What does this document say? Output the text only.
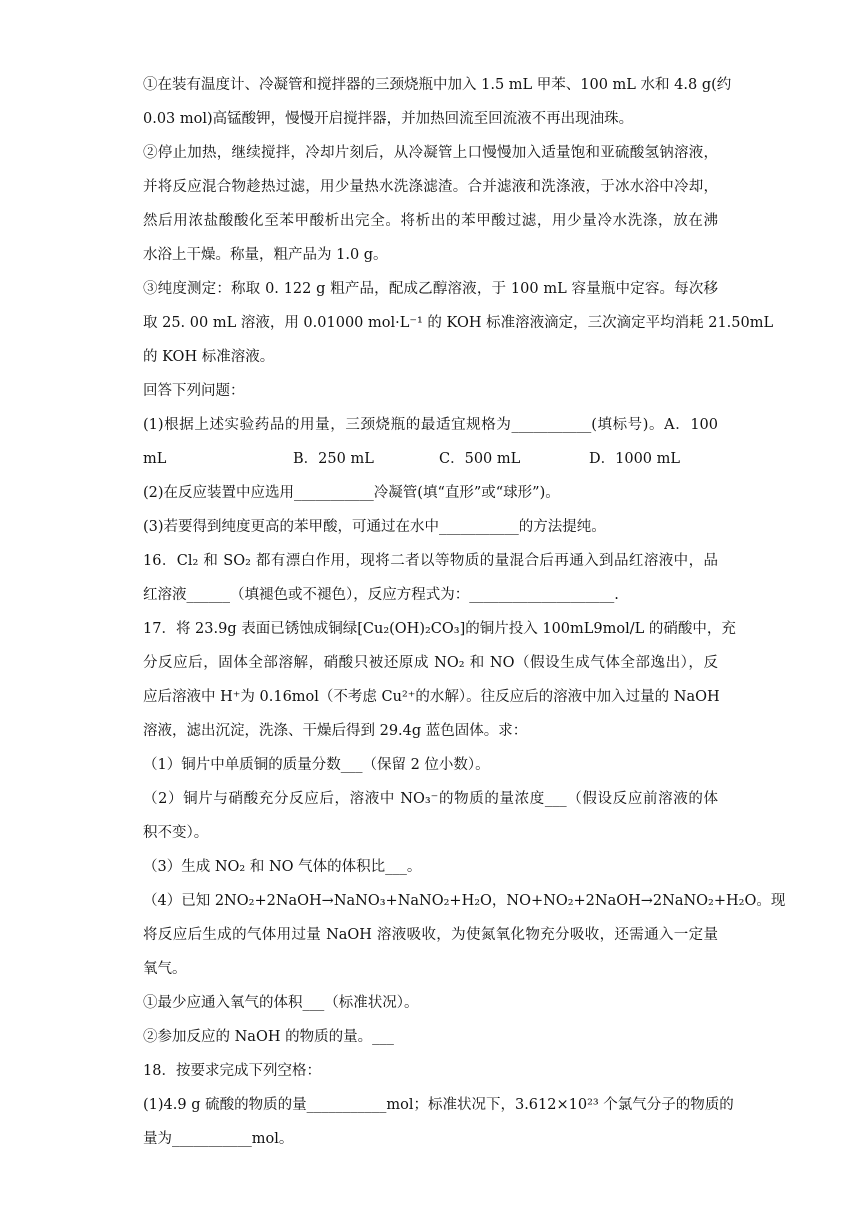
①在装有温度计、冷凝管和搅拌器的三颈烧瓶中加入 1.5 mL 甲苯、100 mL 水和 4.8 g(约
0.03 mol)高锰酸钾，慢慢开启搅拌器，并加热回流至回流液不再出现油珠。
②停止加热，继续搅拌，冷却片刻后，从冷凝管上口慢慢加入适量饱和亚硫酸氢钠溶液，
并将反应混合物趁热过滤，用少量热水洗涤滤渣。合并滤液和洗涤液，于冰水浴中冷却，
然后用浓盐酸酸化至苯甲酸析出完全。将析出的苯甲酸过滤，用少量冷水洗涤，放在沸
水浴上干燥。称量，粗产品为 1.0 g。
③纯度测定：称取 0. 122 g 粗产品，配成乙醇溶液，于 100 mL 容量瓶中定容。每次移
取 25. 00 mL 溶液，用 0.01000 mol·L⁻¹ 的 KOH 标准溶液滴定，三次滴定平均消耗 21.50mL
的 KOH 标准溶液。
回答下列问题：
(1)根据上述实验药品的用量，三颈烧瓶的最适宜规格为___________(填标号)。A．100
mL	B．250 mL	C．500 mL	D．1000 mL
(2)在反应装置中应选用___________冷凝管(填“直形”或“球形”)。
(3)若要得到纯度更高的苯甲酸，可通过在水中___________的方法提纯。
16．Cl₂ 和 SO₂ 都有漂白作用，现将二者以等物质的量混合后再通入到品红溶液中，品
红溶液______（填褪色或不褪色），反应方程式为：____________________.
17．将 23.9g 表面已锈蚀成铜绿[Cu₂(OH)₂CO₃]的铜片投入 100mL9mol/L 的硝酸中，充
分反应后，固体全部溶解，硝酸只被还原成 NO₂ 和 NO（假设生成气体全部逸出），反
应后溶液中 H⁺为 0.16mol（不考虑 Cu²⁺的水解）。往反应后的溶液中加入过量的 NaOH
溶液，滤出沉淀，洗涤、干燥后得到 29.4g 蓝色固体。求：
（1）铜片中单质铜的质量分数___（保留 2 位小数）。
（2）铜片与硝酸充分反应后，溶液中 NO₃⁻的物质的量浓度___（假设反应前溶液的体
积不变）。
（3）生成 NO₂ 和 NO 气体的体积比___。
（4）已知 2NO₂+2NaOH→NaNO₃+NaNO₂+H₂O，NO+NO₂+2NaOH→2NaNO₂+H₂O。现
将反应后生成的气体用过量 NaOH 溶液吸收，为使氮氧化物充分吸收，还需通入一定量
氧气。
①最少应通入氧气的体积___（标准状况）。
②参加反应的 NaOH 的物质的量。___
18．按要求完成下列空格：
(1)4.9 g 硫酸的物质的量___________mol；标准状况下，3.612×10²³ 个氯气分子的物质的
量为___________mol。
